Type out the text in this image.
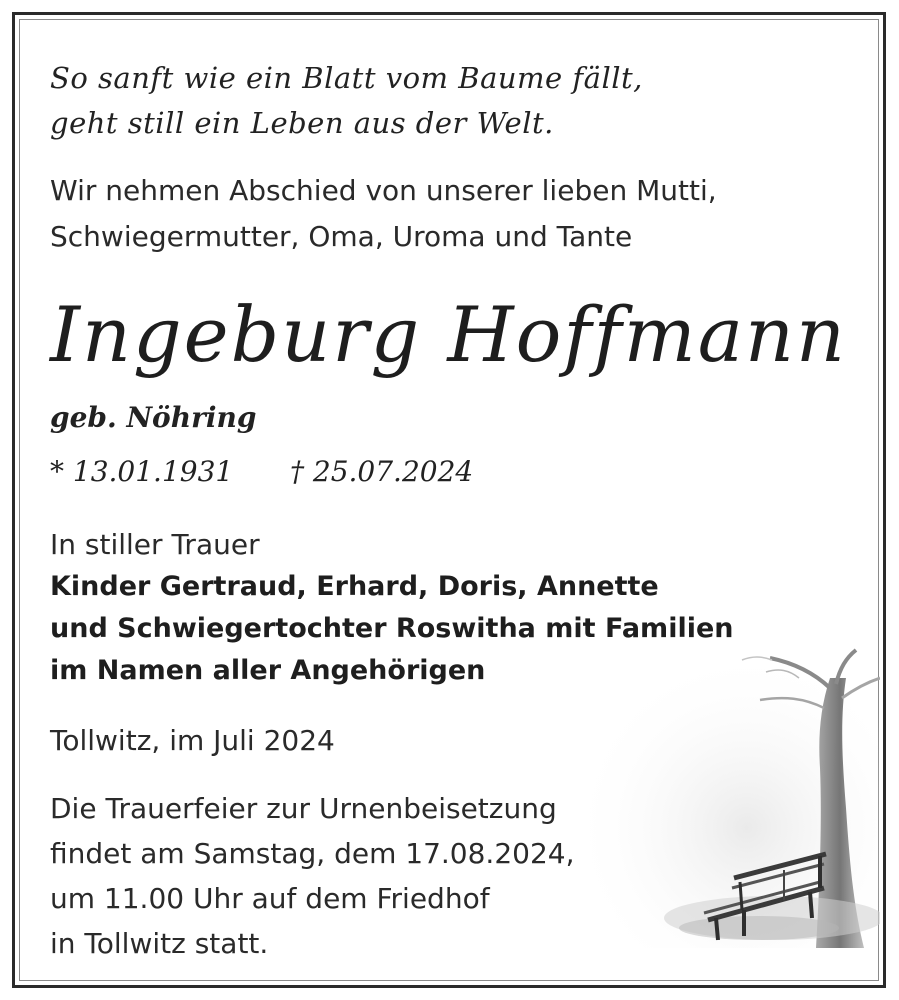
So sanft wie ein Blatt vom Baume fällt,
geht still ein Leben aus der Welt.
Wir nehmen Abschied von unserer lieben Mutti,
Schwiegermutter, Oma, Uroma und Tante
Ingeburg Hoffmann
geb. Nöhring
* 13.01.1931 † 25.07.2024
In stiller Trauer
Kinder Gertraud, Erhard, Doris, Annette
und Schwiegertochter Roswitha mit Familien
im Namen aller Angehörigen
Tollwitz, im Juli 2024
Die Trauerfeier zur Urnenbeisetzung
findet am Samstag, dem 17.08.2024,
um 11.00 Uhr auf dem Friedhof
in Tollwitz statt.
